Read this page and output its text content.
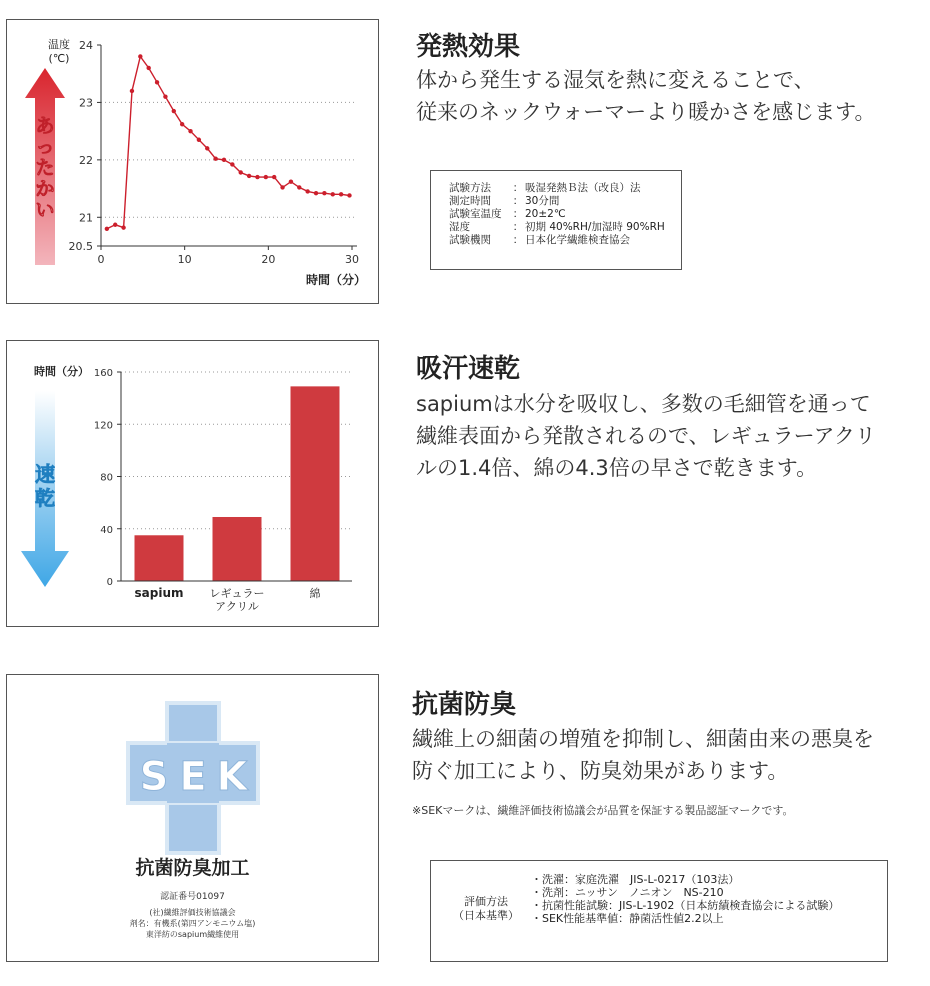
あ
っ
た
か
い
20.5
21
22
23
24
0	10	20	30
温度
(℃)
時間（分）
発熱効果
体から発生する湿気を熱に変えることで、
従来のネックウォーマーより暖かさを感じます。
試験方法	： 吸湿発熱Ｂ法（改良）法
測定時間	： 30分間
試験室温度	： 20±2℃
湿度	： 初期 40%RH/加湿時 90%RH
試験機関	： 日本化学繊維検査協会
速
乾
0
40
80
120
160
時間（分）
sapium レギュラー
アクリル
綿
吸汗速乾
sapiumは水分を吸収し、多数の毛細管を通って
繊維表面から発散されるので、レギュラーアクリ
ルの1.4倍、綿の4.3倍の早さで乾きます。
S E K
抗菌防臭加工
認証番号01097
(社)繊維評価技術協議会
剤名：有機系(第四アンモニウム塩)
東洋紡のsapium繊維使用
抗菌防臭
繊維上の細菌の増殖を抑制し、細菌由来の悪臭を
防ぐ加工により、防臭効果があります。
※SEKマークは、繊維評価技術協議会が品質を保証する製品認証マークです。
評価方法
（日本基準）
・洗濯：家庭洗濯　JIS-L-0217（103法）
・洗剤：ニッサン　ノニオン　NS-210
・抗菌性能試験：JIS-L-1902（日本紡績検査協会による試験）
・SEK性能基準値：静菌活性値2.2以上
